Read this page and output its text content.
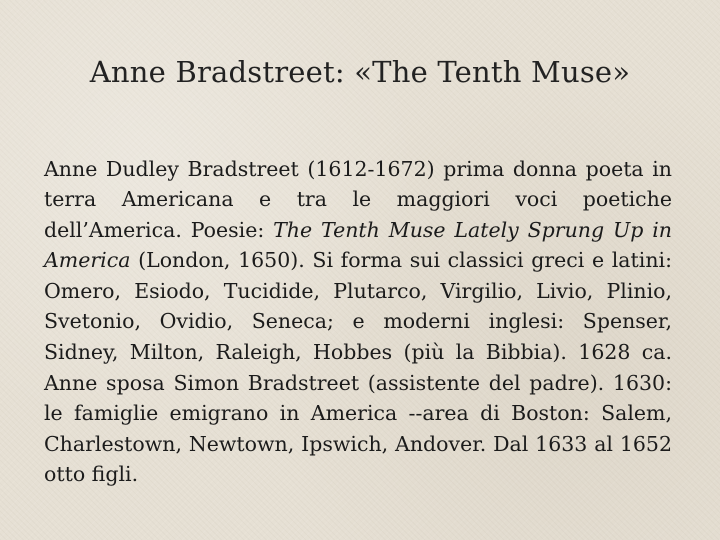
Anne Bradstreet: «The Tenth Muse»

Anne Dudley Bradstreet (1612-1672) prima donna poeta in terra Americana e tra le maggiori voci poetiche dell’America. Poesie: The Tenth Muse Lately Sprung Up in America (London, 1650). Si forma sui classici greci e latini: Omero, Esiodo, Tucidide, Plutarco, Virgilio, Livio, Plinio, Svetonio, Ovidio, Seneca; e moderni inglesi: Spenser, Sidney, Milton, Raleigh, Hobbes (più la Bibbia). 1628 ca. Anne sposa Simon Bradstreet (assistente del padre). 1630: le famiglie emigrano in America --area di Boston: Salem, Charlestown, Newtown, Ipswich, Andover. Dal 1633 al 1652 otto figli.
